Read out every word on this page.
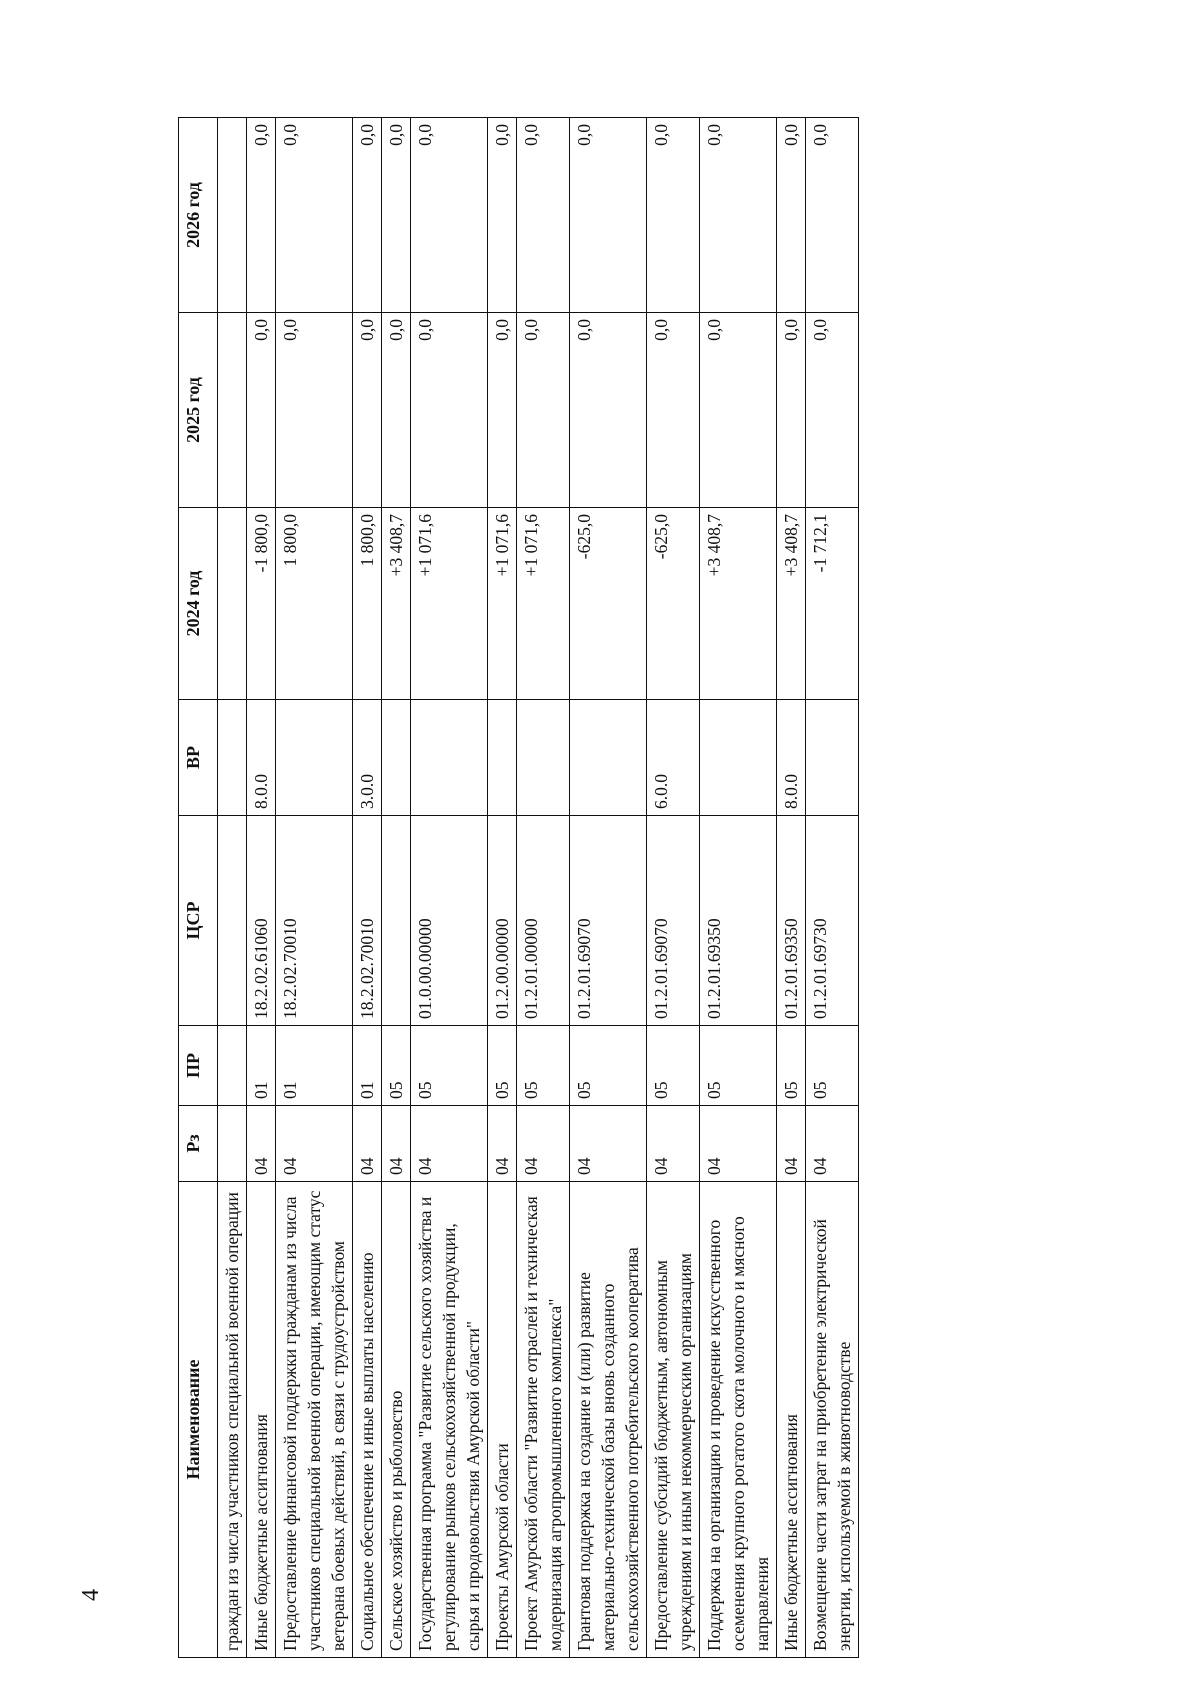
4
Наименование	Рз	ПР	ЦСР	ВР	2024 год	2025 год	2026 год
граждан из числа участников специальной военной операции							
Иные бюджетные ассигнования	04	01	18.2.02.61060	8.0.0	-1 800,0	0,0	0,0
Предоставление финансовой поддержки гражданам из числа участников специальной военной операции, имеющим статус ветерана боевых действий, в связи с трудоустройством	04	01	18.2.02.70010		1 800,0	0,0	0,0
Социальное обеспечение и иные выплаты населению	04	01	18.2.02.70010	3.0.0	1 800,0	0,0	0,0
Сельское хозяйство и рыболовство	04	05			+3 408,7	0,0	0,0
Государственная программа "Развитие сельского хозяйства и регулирование рынков сельскохозяйственной продукции, сырья и продовольствия Амурской области"	04	05	01.0.00.00000		+1 071,6	0,0	0,0
Проекты Амурской области	04	05	01.2.00.00000		+1 071,6	0,0	0,0
Проект Амурской области "Развитие отраслей и техническая модернизация агропромышленного комплекса"	04	05	01.2.01.00000		+1 071,6	0,0	0,0
Грантовая поддержка на создание и (или) развитие материально-технической базы вновь созданного сельскохозяйственного потребительского кооператива	04	05	01.2.01.69070		-625,0	0,0	0,0
Предоставление субсидий бюджетным, автономным учреждениям и иным некоммерческим организациям	04	05	01.2.01.69070	6.0.0	-625,0	0,0	0,0
Поддержка на организацию и проведение искусственного осеменения крупного рогатого скота молочного и мясного направления	04	05	01.2.01.69350		+3 408,7	0,0	0,0
Иные бюджетные ассигнования	04	05	01.2.01.69350	8.0.0	+3 408,7	0,0	0,0
Возмещение части затрат на приобретение электрической энергии, используемой в животноводстве	04	05	01.2.01.69730		-1 712,1	0,0	0,0
